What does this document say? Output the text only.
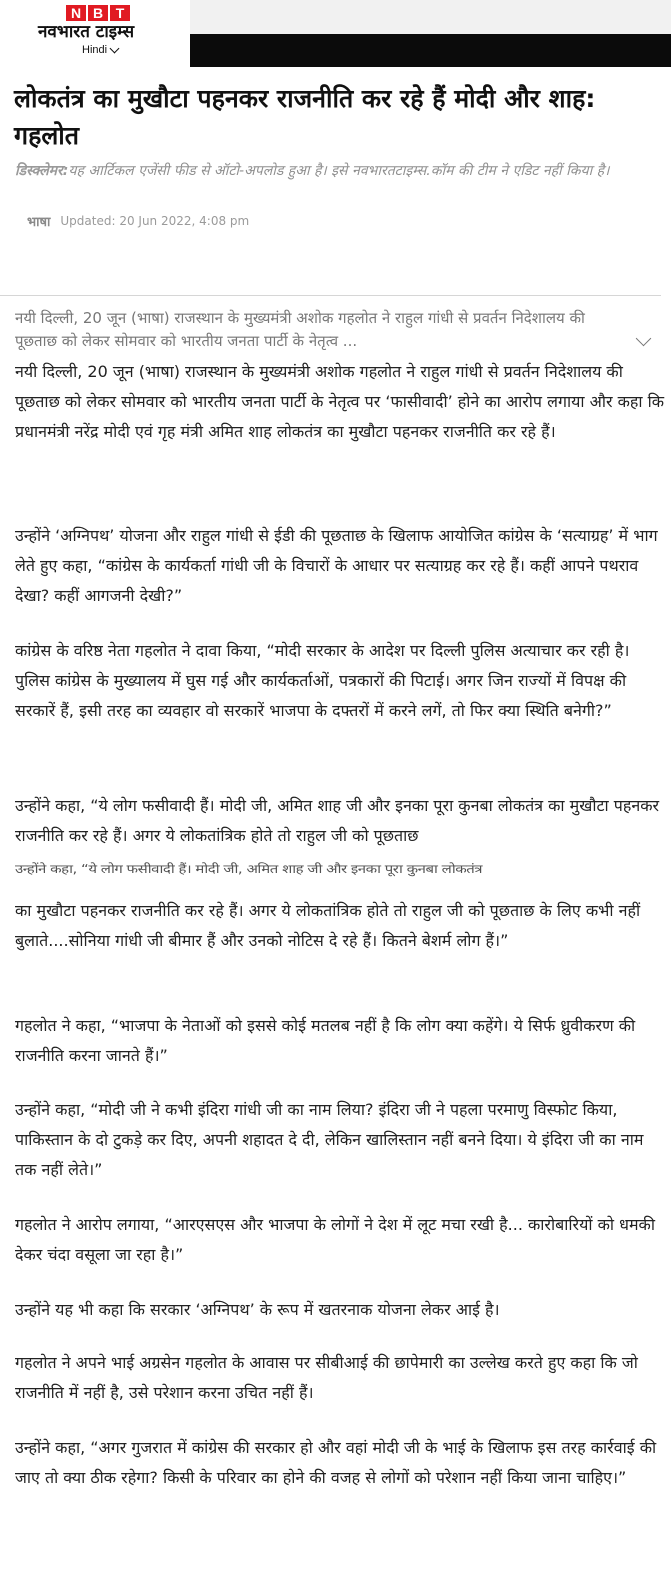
N B T
नवभारत टाइम्स
Hindi
लोकतंत्र का मुखौटा पहनकर राजनीति कर रहे हैं मोदी और शाह: गहलोत

डिस्क्लेमर:यह आर्टिकल एजेंसी फीड से ऑटो-अपलोड हुआ है। इसे नवभारतटाइम्स.कॉम की टीम ने एडिट नहीं किया है।

भाषा Updated: 20 Jun 2022, 4:08 pm

नयी दिल्ली, 20 जून (भाषा) राजस्थान के मुख्यमंत्री अशोक गहलोत ने राहुल गांधी से प्रवर्तन निदेशालय की पूछताछ को लेकर सोमवार को भारतीय जनता पार्टी के नेतृत्व ...

नयी दिल्ली, 20 जून (भाषा) राजस्थान के मुख्यमंत्री अशोक गहलोत ने राहुल गांधी से प्रवर्तन निदेशालय की पूछताछ को लेकर सोमवार को भारतीय जनता पार्टी के नेतृत्व पर ‘फासीवादी’ होने का आरोप लगाया और कहा कि प्रधानमंत्री नरेंद्र मोदी एवं गृह मंत्री अमित शाह लोकतंत्र का मुखौटा पहनकर राजनीति कर रहे हैं।

उन्होंने ‘अग्निपथ’ योजना और राहुल गांधी से ईडी की पूछताछ के खिलाफ आयोजित कांग्रेस के ‘सत्याग्रह’ में भाग लेते हुए कहा, “कांग्रेस के कार्यकर्ता गांधी जी के विचारों के आधार पर सत्याग्रह कर रहे हैं। कहीं आपने पथराव देखा? कहीं आगजनी देखी?”

कांग्रेस के वरिष्ठ नेता गहलोत ने दावा किया, “मोदी सरकार के आदेश पर दिल्ली पुलिस अत्याचार कर रही है। पुलिस कांग्रेस के मुख्यालय में घुस गई और कार्यकर्ताओं, पत्रकारों की पिटाई। अगर जिन राज्यों में विपक्ष की सरकारें हैं, इसी तरह का व्यवहार वो सरकारें भाजपा के दफ्तरों में करने लगें, तो फिर क्या स्थिति बनेगी?”

उन्होंने कहा, “ये लोग फसीवादी हैं। मोदी जी, अमित शाह जी और इनका पूरा कुनबा लोकतंत्र का मुखौटा पहनकर राजनीति कर रहे हैं। अगर ये लोकतांत्रिक होते तो राहुल जी को पूछताछ

उन्होंने कहा, “ये लोग फसीवादी हैं। मोदी जी, अमित शाह जी और इनका पूरा कुनबा लोकतंत्र

का मुखौटा पहनकर राजनीति कर रहे हैं। अगर ये लोकतांत्रिक होते तो राहुल जी को पूछताछ के लिए कभी नहीं बुलाते....सोनिया गांधी जी बीमार हैं और उनको नोटिस दे रहे हैं। कितने बेशर्म लोग हैं।”

गहलोत ने कहा, “भाजपा के नेताओं को इससे कोई मतलब नहीं है कि लोग क्या कहेंगे। ये सिर्फ ध्रुवीकरण की राजनीति करना जानते हैं।”

उन्होंने कहा, “मोदी जी ने कभी इंदिरा गांधी जी का नाम लिया? इंदिरा जी ने पहला परमाणु विस्फोट किया, पाकिस्तान के दो टुकड़े कर दिए, अपनी शहादत दे दी, लेकिन खालिस्तान नहीं बनने दिया। ये इंदिरा जी का नाम तक नहीं लेते।”

गहलोत ने आरोप लगाया, “आरएसएस और भाजपा के लोगों ने देश में लूट मचा रखी है... कारोबारियों को धमकी देकर चंदा वसूला जा रहा है।”

उन्होंने यह भी कहा कि सरकार ‘अग्निपथ’ के रूप में खतरनाक योजना लेकर आई है।

गहलोत ने अपने भाई अग्रसेन गहलोत के आवास पर सीबीआई की छापेमारी का उल्लेख करते हुए कहा कि जो राजनीति में नहीं है, उसे परेशान करना उचित नहीं हैं।

उन्होंने कहा, “अगर गुजरात में कांग्रेस की सरकार हो और वहां मोदी जी के भाई के खिलाफ इस तरह कार्रवाई की जाए तो क्या ठीक रहेगा? किसी के परिवार का होने की वजह से लोगों को परेशान नहीं किया जाना चाहिए।”
